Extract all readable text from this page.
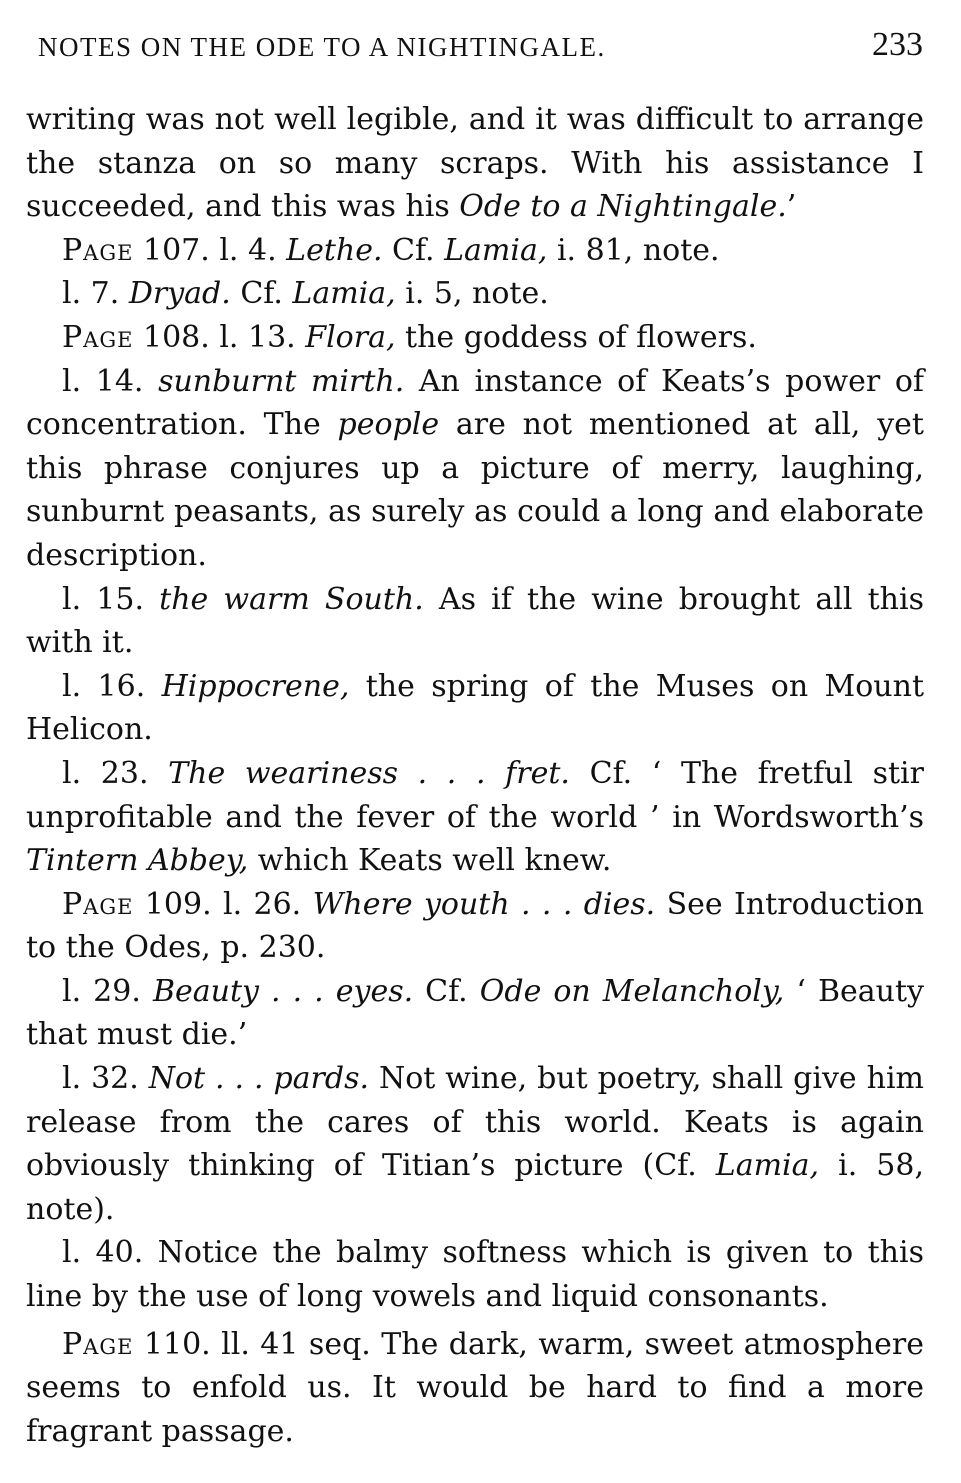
NOTES ON THE ODE TO A NIGHTINGALE.	233

writing was not well legible, and it was difficult to arrange the stanza on so many scraps. With his assistance I succeeded, and this was his Ode to a Nightingale.’

Page 107. l. 4. Lethe. Cf. Lamia, i. 81, note.

l. 7. Dryad. Cf. Lamia, i. 5, note.

Page 108. l. 13. Flora, the goddess of flowers.

l. 14. sunburnt mirth. An instance of Keats’s power of concentration. The people are not mentioned at all, yet this phrase conjures up a picture of merry, laughing, sunburnt peasants, as surely as could a long and elaborate description.

l. 15. the warm South. As if the wine brought all this with it.

l. 16. Hippocrene, the spring of the Muses on Mount Helicon.

l. 23. The weariness . . . fret. Cf. ‘ The fretful stir unprofitable and the fever of the world ’ in Wordsworth’s Tintern Abbey, which Keats well knew.

Page 109. l. 26. Where youth . . . dies. See Introduction to the Odes, p. 230.

l. 29. Beauty . . . eyes. Cf. Ode on Melancholy, ‘ Beauty that must die.’

l. 32. Not . . . pards. Not wine, but poetry, shall give him release from the cares of this world. Keats is again obviously thinking of Titian’s picture (Cf. Lamia, i. 58, note).

l. 40. Notice the balmy softness which is given to this line by the use of long vowels and liquid consonants.

Page 110. ll. 41 seq. The dark, warm, sweet atmosphere seems to enfold us. It would be hard to find a more fragrant passage.
